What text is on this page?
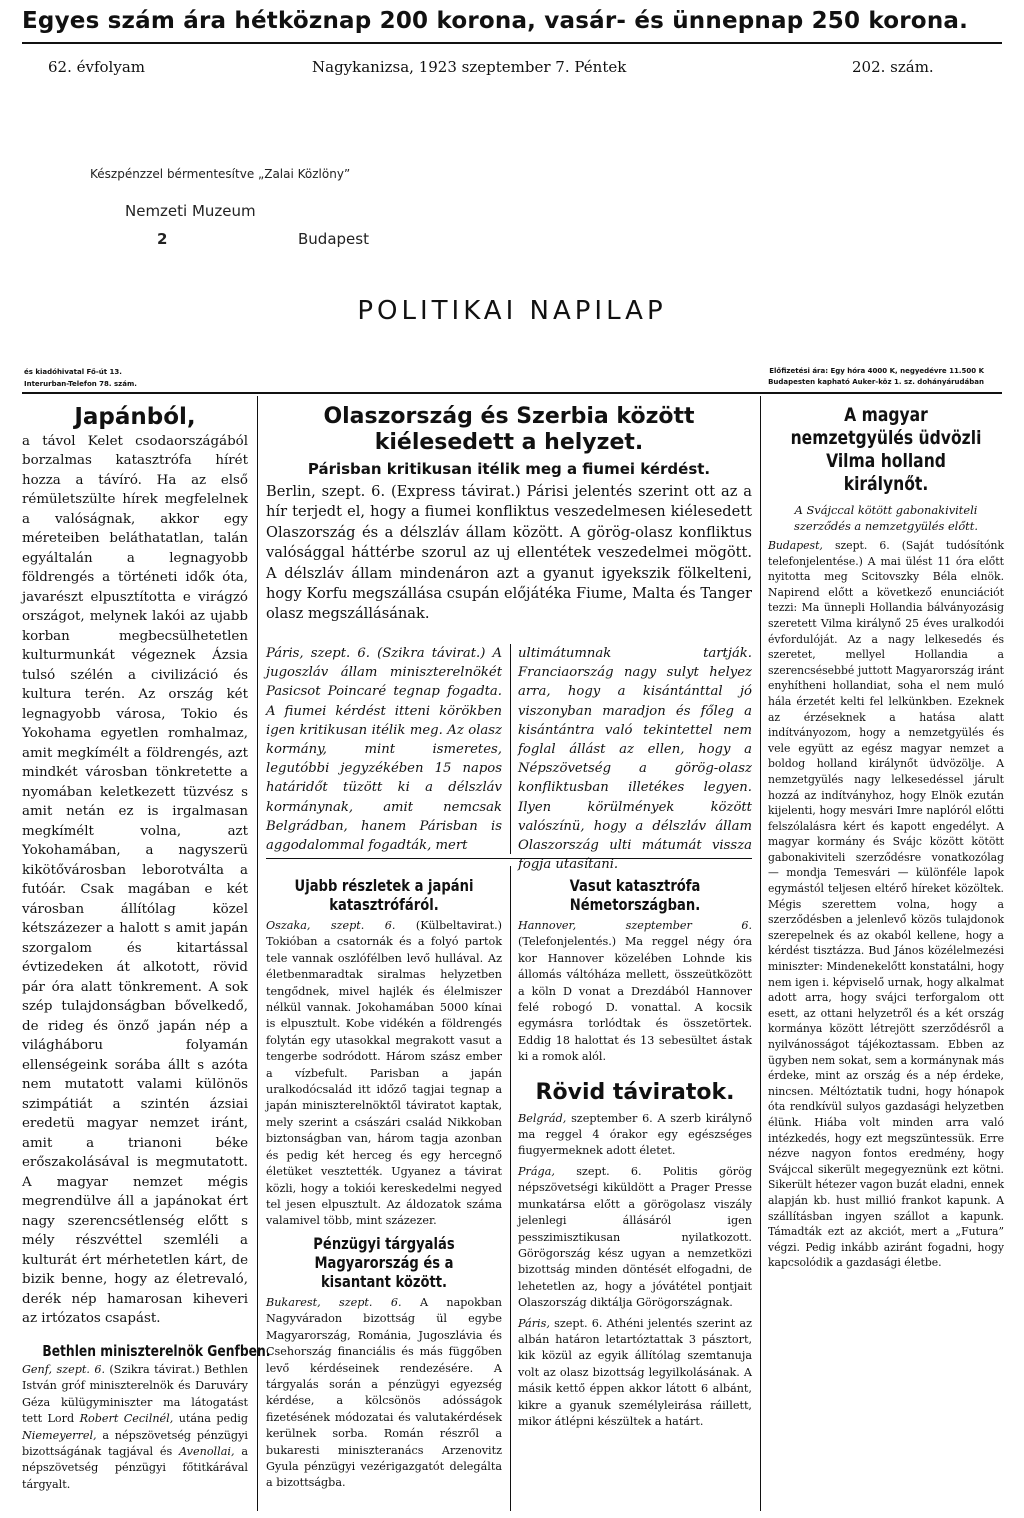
Egyes szám ára hétköznap 200 korona, vasár- és ünnepnap 250 korona.
62. évfolyam	Nagykanizsa, 1923 szeptember 7. Péntek	202. szám.
Készpénzzel bérmentesítve „Zalai Közlöny”
Nemzeti Muzeum
2	Budapest
POLITIKAI NAPILAP
és kiadóhivatal Fő-út 13.
Interurban-Telefon 78. szám.
Előfizetési ára: Egy hóra 4000 K, negyedévre 11.500 K
Budapesten kapható Auker-köz 1. sz. dohányárudában
Japánból,

a távol Kelet csodaországából borzalmas katasztrófa hírét hozza a távíró. Ha az első rémületszülte hírek megfelelnek a valóságnak, akkor egy méreteiben beláthatatlan, talán egyáltalán a legnagyobb földrengés a történeti idők óta, javarészt elpusztította e virágzó országot, melynek lakói az ujabb korban megbecsülhetetlen kulturmunkát végeznek Ázsia tulsó szélén a civilizáció és kultura terén. Az ország két legnagyobb városa, Tokio és Yokohama egyetlen romhalmaz, amit megkímélt a földrengés, azt mindkét városban tönkretette a nyomában keletkezett tüzvész s amit netán ez is irgalmasan megkímélt volna, azt Yokohamában, a nagyszerü kikötővárosban leborotválta a futóár. Csak magában e két városban állítólag közel kétszázezer a halott s amit japán szorgalom és kitartással évtizedeken át alkotott, rövid pár óra alatt tönkrement. A sok szép tulajdonságban bővelkedő, de rideg és önző japán nép a világháboru folyamán ellenségeink sorába állt s azóta nem mutatott valami különös szimpátiát a szintén ázsiai eredetü magyar nemzet iránt, amit a trianoni béke erőszakolásával is megmutatott. A magyar nemzet mégis megrendülve áll a japánokat ért nagy szerencsétlenség előtt s mély részvéttel szemléli a kulturát ért mérhetetlen kárt, de bizik benne, hogy az életrevaló, derék nép hamarosan kiheveri az irtózatos csapást.

Bethlen miniszterelnök Genfben.

Genf, szept. 6. (Szikra távirat.) Bethlen István gróf miniszterelnök és Daruváry Géza külügyminiszter ma látogatást tett Lord Robert Cecilnél, utána pedig Niemeyerrel, a népszövetség pénzügyi bizottságának tagjával és Avenollai, a népszövetség pénzügyi főtitkárával tárgyalt.

Olaszország és Szerbia között
kiélesedett a helyzet.
Párisban kritikusan itélik meg a fiumei kérdést.

Berlin, szept. 6. (Express távirat.) Párisi jelentés szerint ott az a hír terjedt el, hogy a fiumei konfliktus veszedelmesen kiélesedett Olaszország és a délszláv állam között. A görög-olasz konfliktus valósággal háttérbe szorul az uj ellentétek veszedelmei mögött. A délszláv állam mindenáron azt a gyanut igyekszik fölkelteni, hogy Korfu megszállása csupán előjátéka Fiume, Malta és Tanger olasz megszállásának.

Páris, szept. 6. (Szikra távirat.) A jugoszláv állam miniszterelnökét Pasicsot Poincaré tegnap fogadta. A fiumei kérdést itteni körökben igen kritikusan itélik meg. Az olasz kormány, mint ismeretes, legutóbbi jegyzékében 15 napos határidőt tüzött ki a délszláv kormánynak, amit nemcsak Belgrádban, hanem Párisban is aggodalommal fogadták, mert

ultimátumnak tartják. Franciaország nagy sulyt helyez arra, hogy a kisántánttal jó viszonyban maradjon és főleg a kisántántra való tekintettel nem foglal állást az ellen, hogy a Népszövetség a görög-olasz konfliktusban illetékes legyen. Ilyen körülmények között valószínü, hogy a délszláv állam Olaszország ulti mátumát vissza fogja utasítani.

Ujabb részletek a japáni katasztrófáról.

Oszaka, szept. 6. (Külbeltavirat.) Tokióban a csatornák és a folyó partok tele vannak oszlófélben levő hullával. Az életbenmaradtak siralmas helyzetben tengődnek, mivel hajlék és élelmiszer nélkül vannak. Jokohamában 5000 kínai is elpusztult. Kobe vidékén a földrengés folytán egy utasokkal megrakott vasut a tengerbe sodródott. Három szász ember a vízbefult. Parisban a japán uralkodócsalád itt időző tagjai tegnap a japán miniszterelnöktől táviratot kaptak, mely szerint a császári család Nikkoban biztonságban van, három tagja azonban és pedig két herceg és egy hercegnő életüket vesztették. Ugyanez a távirat közli, hogy a tokiói kereskedelmi negyed tel jesen elpusztult. Az áldozatok száma valamivel több, mint százezer.

Pénzügyi tárgyalás Magyarország és a kisantant között.

Bukarest, szept. 6. A napokban Nagyváradon bizottság ül egybe Magyarország, Románia, Jugoszlávia és Csehország financiális és más függőben levő kérdéseinek rendezésére. A tárgyalás során a pénzügyi egyezség kérdése, a kölcsönös adósságok fizetésének módozatai és valutakérdések kerülnek sorba. Román részről a bukaresti miniszteranács Arzenovitz Gyula pénzügyi vezérigazgatót delegálta a bizottságba.

Vasut katasztrófa Németországban.

Hannover, szeptember 6. (Telefonjelentés.) Ma reggel négy óra kor Hannover közelében Lohnde kis állomás váltóháza mellett, összeütközött a köln D vonat a Drezdából Hannover felé robogó D. vonattal. A kocsik egymásra torlódtak és összetörtek. Eddig 18 halottat és 13 sebesültet ástak ki a romok alól.

Rövid táviratok.

Belgrád, szeptember 6. A szerb királynő ma reggel 4 órakor egy egészséges fiugyermeknek adott életet.

Prága, szept. 6. Politis görög népszövetségi kiküldött a Prager Presse munkatársa előtt a görögolasz viszály jelenlegi állásáról igen pesszimisztikusan nyilatkozott. Görögország kész ugyan a nemzetközi bizottság minden döntését elfogadni, de lehetetlen az, hogy a jóvátétel pontjait Olaszország diktálja Görögországnak.

Páris, szept. 6. Athéni jelentés szerint az albán határon letartóztattak 3 pásztort, kik közül az egyik állítólag szemtanuja volt az olasz bizottság legyilkolásának. A másik kettő éppen akkor látott 6 albánt, kikre a gyanuk személyleirása ráillett, mikor átlépni készültek a határt.

A magyar nemzetgyülés üdvözli Vilma holland királynőt.

A Svájccal kötött gabonakiviteli szerződés a nemzetgyülés előtt.

Budapest, szept. 6. (Saját tudósítónk telefonjelentése.) A mai ülést 11 óra előtt nyitotta meg Scitovszky Béla elnök. Napirend előtt a következő enunciációt tezzi: Ma ünnepli Hollandia bálványozásig szeretett Vilma királynő 25 éves uralkodói évfordulóját. Az a nagy lelkesedés és szeretet, mellyel Hollandia a szerencsésebbé juttott Magyarország iránt enyhítheni hollandiat, soha el nem muló hála érzetét kelti fel lelkünkben. Ezeknek az érzéseknek a hatása alatt indítványozom, hogy a nemzetgyülés és vele együtt az egész magyar nemzet a boldog holland királynőt üdvözölje. A nemzetgyülés nagy lelkesedéssel járult hozzá az indítványhoz, hogy Elnök ezután kijelenti, hogy mesvári Imre naplóról előtti felszólalásra kért és kapott engedélyt. A magyar kormány és Svájc között kötött gabonakiviteli szerződésre vonatkozólag — mondja Temesvári — különféle lapok egymástól teljesen eltérő híreket közöltek. Mégis szerettem volna, hogy a szerződésben a jelenlevő közös tulajdonok szerepelnek és az okaból kellene, hogy a kérdést tisztázza. Bud János közélelmezési miniszter: Mindenekelőtt konstatálni, hogy nem igen i. képviselő urnak, hogy alkalmat adott arra, hogy svájci terforgalom ott esett, az ottani helyzetről és a két ország kormánya között létrejött szerződésről a nyilvánosságot tájékoztassam. Ebben az ügyben nem sokat, sem a kormánynak más érdeke, mint az ország és a nép érdeke, nincsen. Méltóztatik tudni, hogy hónapok óta rendkívül sulyos gazdasági helyzetben élünk. Hiába volt minden arra való intézkedés, hogy ezt megszüntessük. Erre nézve nagyon fontos eredmény, hogy Svájccal sikerült megegyeznünk ezt kötni. Sikerült hétezer vagon buzát eladni, ennek alapján kb. hust millió frankot kapunk. A szállításban ingyen szállot a kapunk. Támadták ezt az akciót, mert a „Futura” végzi. Pedig inkább aziránt fogadni, hogy kapcsolódik a gazdasági életbe.
